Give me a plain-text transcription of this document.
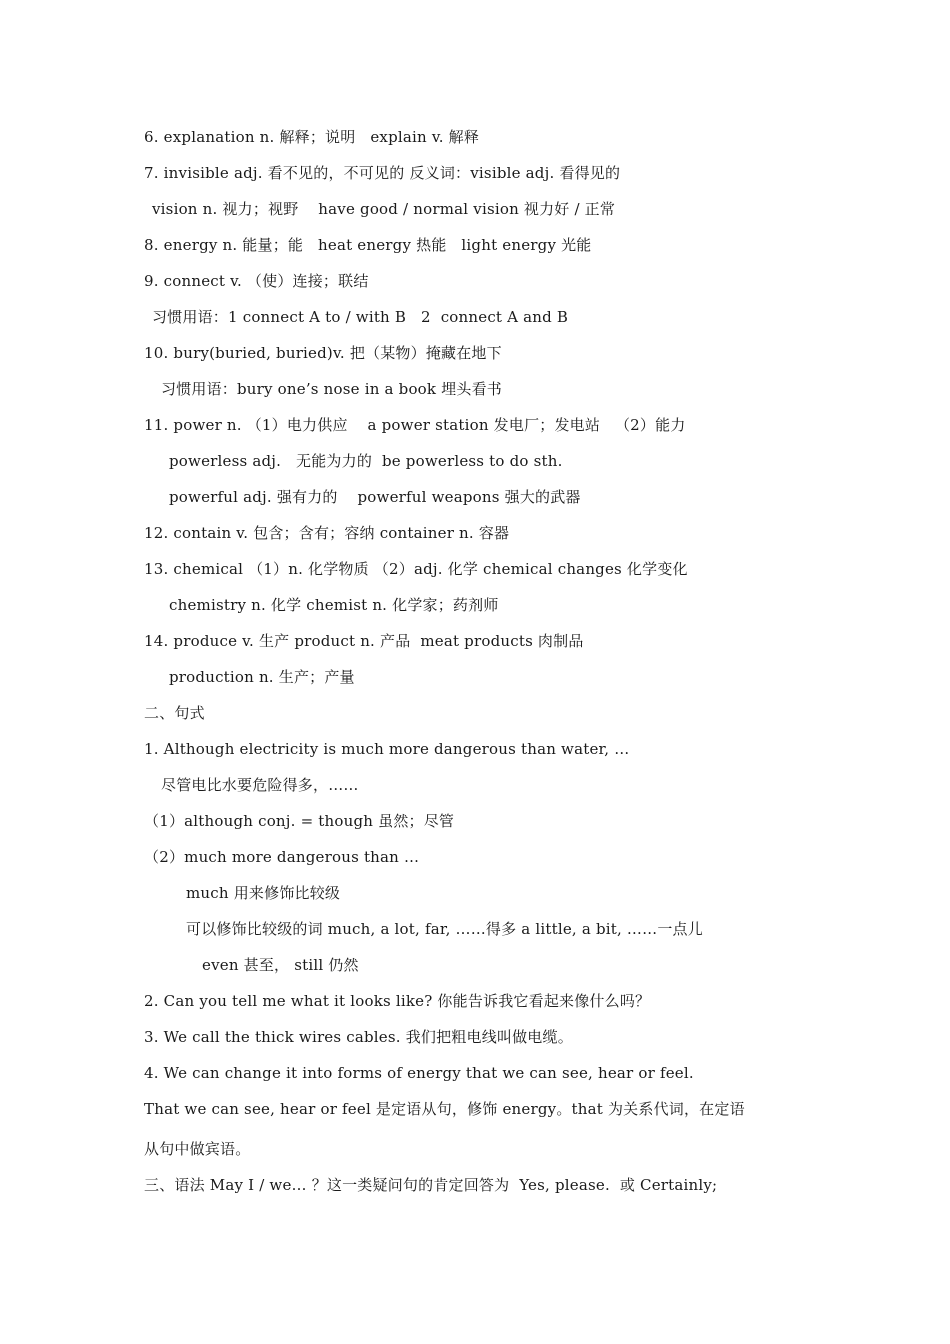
6. explanation n. 解释；说明   explain v. 解释
7. invisible adj. 看不见的，不可见的 反义词：visible adj. 看得见的
vision n. 视力；视野    have good / normal vision 视力好 / 正常
8. energy n. 能量；能   heat energy 热能   light energy 光能
9. connect v. （使）连接；联结
习惯用语：1 connect A to / with B   2  connect A and B
10. bury(buried, buried)v. 把（某物）掩藏在地下
习惯用语：bury one’s nose in a book 埋头看书
11. power n. （1）电力供应    a power station 发电厂；发电站   （2）能力
powerless adj.   无能为力的  be powerless to do sth.
powerful adj. 强有力的    powerful weapons 强大的武器
12. contain v. 包含；含有；容纳 container n. 容器
13. chemical （1）n. 化学物质 （2）adj. 化学 chemical changes 化学变化
chemistry n. 化学 chemist n. 化学家；药剂师
14. produce v. 生产 product n. 产品  meat products 肉制品
production n. 生产；产量
二、句式
1. Although electricity is much more dangerous than water, …
尽管电比水要危险得多，……
（1）although conj. = though 虽然；尽管
（2）much more dangerous than …
much 用来修饰比较级
可以修饰比较级的词 much, a lot, far, ……得多 a little, a bit, ……一点儿
even 甚至， still 仍然
2. Can you tell me what it looks like? 你能告诉我它看起来像什么吗？
3. We call the thick wires cables. 我们把粗电线叫做电缆。
4. We can change it into forms of energy that we can see, hear or feel.
That we can see, hear or feel 是定语从句，修饰 energy。that 为关系代词，在定语
从句中做宾语。
三、语法 May I / we… ？这一类疑问句的肯定回答为  Yes, please.  或 Certainly;
